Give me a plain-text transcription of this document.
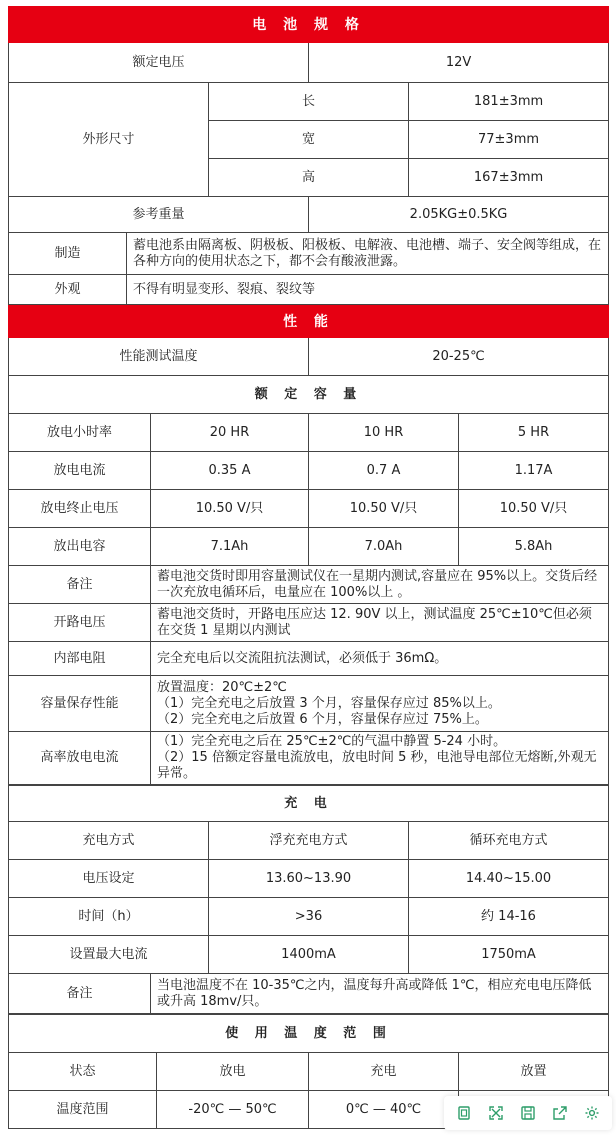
电 池 规 格				
额定电压			12V	
外形尺寸		长		181±3mm
		宽		77±3mm
		高		167±3mm
参考重量			2.05KG±0.5KG	
制造	蓄电池系由隔离板、阴极板、阳极板、电解液、电池槽、端子、安全阀等组成，在各种方向的使用状态之下，都不会有酸液泄露。			
外观	不得有明显变形、裂痕、裂纹等			
性 能			
性能测试温度		20-25℃	
额 定 容 量			
放电小时率	20 HR	10 HR	5 HR
放电电流	0.35 A	0.7 A	1.17A
放电终止电压	10.50 V/只	10.50 V/只	10.50 V/只
放出电容	7.1Ah	7.0Ah	5.8Ah
备注	蓄电池交货时即用容量测试仪在一星期内测试,容量应在 95%以上。交货后经一次充放电循环后，电量应在 100%以上 。		
开路电压	蓄电池交货时，开路电压应达 12. 90V 以上，测试温度 25℃±10℃但必须在交货 1 星期以内测试		
内部电阻	完全充电后以交流阻抗法测试，必须低于 36mΩ。		
容量保存性能	放置温度：20℃±2℃
（1）完全充电之后放置 3 个月，容量保存应过 85%以上。
（2）完全充电之后放置 6 个月，容量保存应过 75%上。		

高率放电电流	（1）完全充电之后在 25℃±2℃的气温中静置 5-24 小时。
（2）15 倍额定容量电流放电，放电时间 5 秒，电池导电部位无熔断,外观无异常。		
充 电			
充电方式		浮充充电方式	循环充电方式
电压设定		13.60~13.90	14.40~15.00
时间（h）		>36	约 14-16
设置最大电流		1400mA	1750mA
备注	当电池温度不在 10-35℃之内，温度每升高或降低 1℃，相应充电电压降低或升高 18mv/只。		
使 用 温 度 范 围			
状态	放电	充电	放置
温度范围	-20℃ — 50℃	0℃ — 40℃	
